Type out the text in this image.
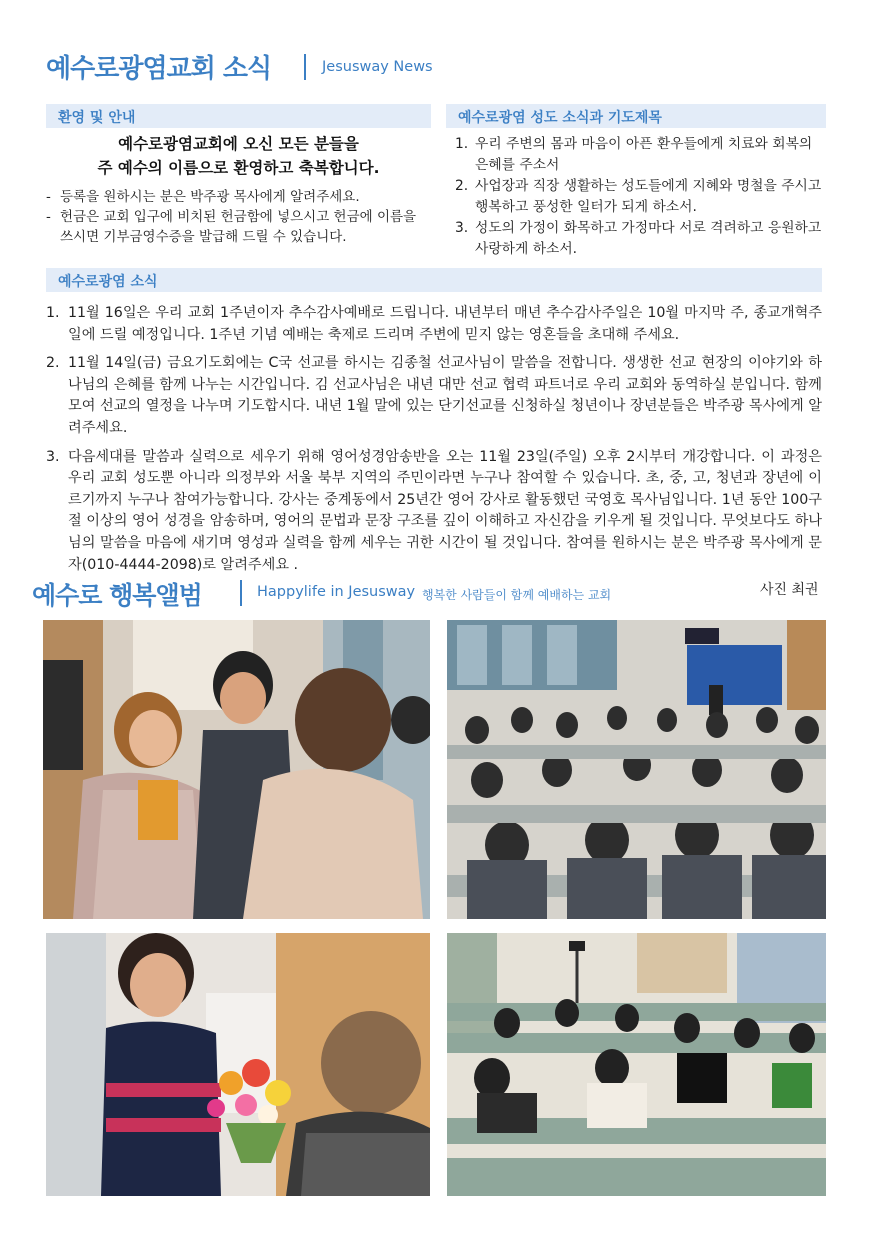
예수로광염교회 소식	Jesusway News
환영 및 안내
예수로광염교회에 오신 모든 분들을
주 예수의 이름으로 환영하고 축복합니다.
- 등록을 원하시는 분은 박주광 목사에게 알려주세요.
- 헌금은 교회 입구에 비치된 헌금함에 넣으시고 헌금에 이름을 쓰시면 기부금영수증을 발급해 드릴 수 있습니다.
예수로광염 성도 소식과 기도제목
1. 우리 주변의 몸과 마음이 아픈 환우들에게 치료와 회복의 은혜를 주소서
2. 사업장과 직장 생활하는 성도들에게 지혜와 명철을 주시고 행복하고 풍성한 일터가 되게 하소서.
3. 성도의 가정이 화목하고 가정마다 서로 격려하고 응원하고 사랑하게 하소서.
예수로광염 소식
1. 11월 16일은 우리 교회 1주년이자 추수감사예배로 드립니다. 내년부터 매년 추수감사주일은 10월 마지막 주, 종교개혁주일에 드릴 예정입니다. 1주년 기념 예배는 축제로 드리며 주변에 믿지 않는 영혼들을 초대해 주세요.
2. 11월 14일(금) 금요기도회에는 C국 선교를 하시는 김종철 선교사님이 말씀을 전합니다. 생생한 선교 현장의 이야기와 하나님의 은혜를 함께 나누는 시간입니다. 김 선교사님은 내년 대만 선교 협력 파트너로 우리 교회와 동역하실 분입니다. 함께 모여 선교의 열정을 나누며 기도합시다. 내년 1월 말에 있는 단기선교를 신청하실 청년이나 장년분들은 박주광 목사에게 알려주세요.
3. 다음세대를 말씀과 실력으로 세우기 위해 영어성경암송반을 오는 11월 23일(주일) 오후 2시부터 개강합니다. 이 과정은 우리 교회 성도뿐 아니라 의정부와 서울 북부 지역의 주민이라면 누구나 참여할 수 있습니다. 초, 중, 고, 청년과 장년에 이르기까지 누구나 참여가능합니다. 강사는 중계동에서 25년간 영어 강사로 활동했던 국영호 목사님입니다. 1년 동안 100구절 이상의 영어 성경을 암송하며, 영어의 문법과 문장 구조를 깊이 이해하고 자신감을 키우게 될 것입니다. 무엇보다도 하나님의 말씀을 마음에 새기며 영성과 실력을 함께 세우는 귀한 시간이 될 것입니다. 참여를 원하시는 분은 박주광 목사에게 문자(010-4444-2098)로 알려주세요 .
예수로 행복앨범	Happylife in Jesusway 행복한 사람들이 함께 예배하는 교회	사진 최권
